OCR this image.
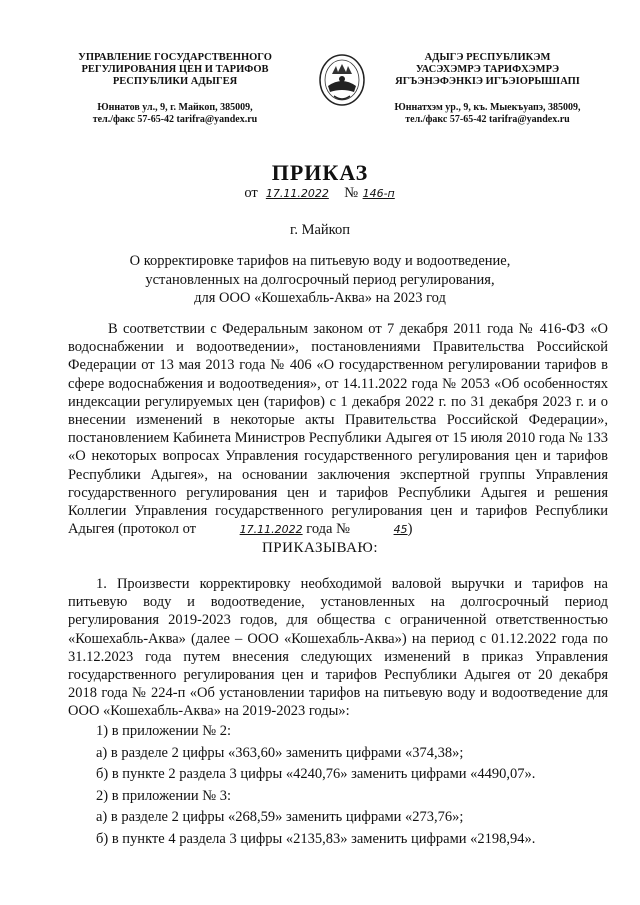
УПРАВЛЕНИЕ ГОСУДАРСТВЕННОГО
РЕГУЛИРОВАНИЯ ЦЕН И ТАРИФОВ
РЕСПУБЛИКИ АДЫГЕЯ
Юннатов ул., 9, г. Майкоп, 385009,
тел./факс 57-65-42 tarifra@yandex.ru
АДЫГЭ РЕСПУБЛИКЭМ
УАСЭХЭМРЭ ТАРИФХЭМРЭ
ЯГЪЭНЭФЭНКІЭ ИГЪЭІОРЫШІАПІ
Юннатхэм ур., 9, къ. Мыекъуапэ, 385009,
тел./факс 57-65-42 tarifra@yandex.ru
ПРИКАЗ
от 17.11.2022 № 146-п
г. Майкоп
О корректировке тарифов на питьевую воду и водоотведение,
установленных на долгосрочный период регулирования,
для ООО «Кошехабль-Аква» на 2023 год

В соответствии с Федеральным законом от 7 декабря 2011 года № 416-ФЗ «О водоснабжении и водоотведении», постановлениями Правительства Российской Федерации от 13 мая 2013 года № 406 «О государственном регулировании тарифов в сфере водоснабжения и водоотведения», от 14.11.2022 года № 2053 «Об особенностях индексации регулируемых цен (тарифов) с 1 декабря 2022 г. по 31 декабря 2023 г. и о внесении изменений в некоторые акты Правительства Российской Федерации», постановлением Кабинета Министров Республики Адыгея от 15 июля 2010 года № 133 «О некоторых вопросах Управления государственного регулирования цен и тарифов Республики Адыгея», на основании заключения экспертной группы Управления государственного регулирования цен и тарифов Республики Адыгея и решения Коллегии Управления государственного регулирования цен и тарифов Республики Адыгея (протокол от	17.11.2022 года №	45)

ПРИКАЗЫВАЮ:

1. Произвести корректировку необходимой валовой выручки и тарифов на питьевую воду и водоотведение, установленных на долгосрочный период регулирования 2019-2023 годов, для общества с ограниченной ответственностью «Кошехабль-Аква» (далее – ООО «Кошехабль-Аква») на период с 01.12.2022 года по 31.12.2023 года путем внесения следующих изменений в приказ Управления государственного регулирования цен и тарифов Республики Адыгея от 20 декабря 2018 года № 224-п «Об установлении тарифов на питьевую воду и водоотведение для ООО «Кошехабль-Аква» на 2019-2023 годы»:

1) в приложении № 2:
а) в разделе 2 цифры «363,60» заменить цифрами «374,38»;
б) в пункте 2 раздела 3 цифры «4240,76» заменить цифрами «4490,07».
2) в приложении № 3:
а) в разделе 2 цифры «268,59» заменить цифрами «273,76»;
б) в пункте 4 раздела 3 цифры «2135,83» заменить цифрами «2198,94».
